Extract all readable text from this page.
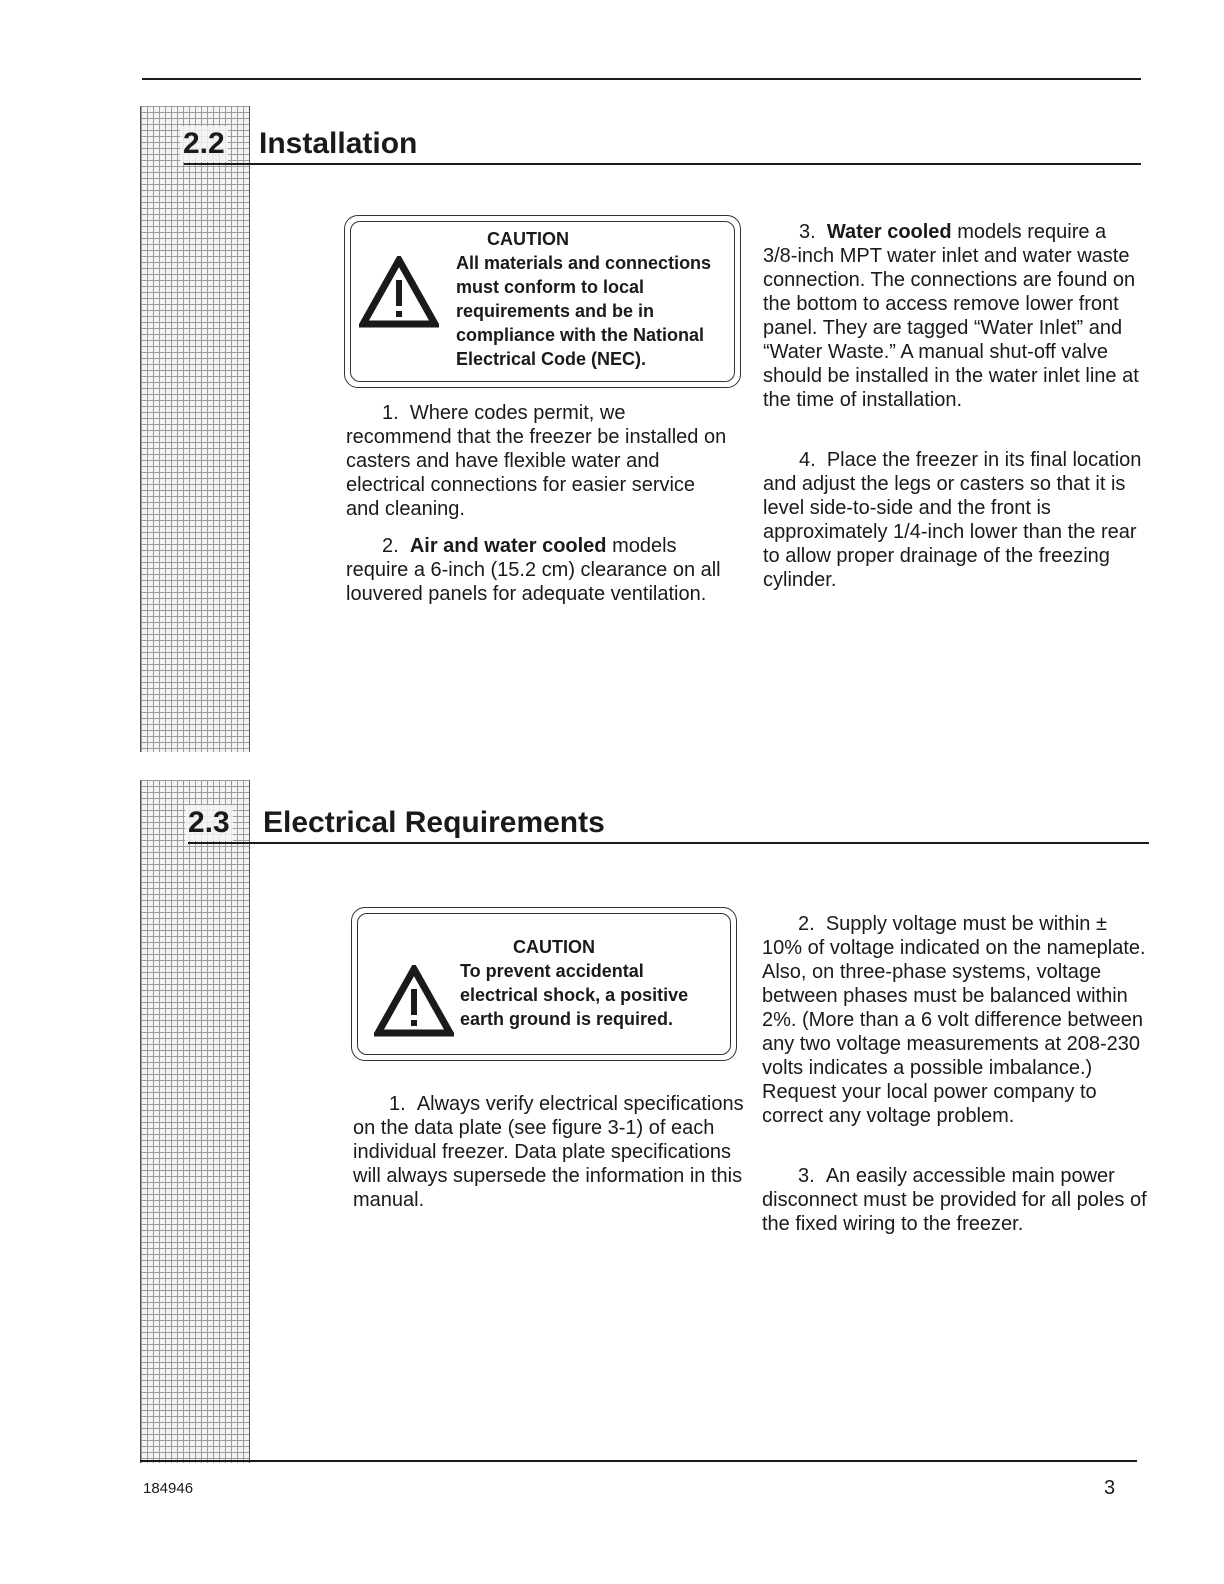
2.2 Installation
CAUTION
All materials and connections
must conform to local
requirements and be in
compliance with the National
Electrical Code (NEC).

1. Where codes permit, we recommend that the freezer be installed on casters and have flexible water and electrical connections for easier service and cleaning.

2. Air and water cooled models require a 6-inch (15.2 cm) clearance on all louvered panels for adequate ventilation.

3. Water cooled models require a 3/8-inch MPT water inlet and water waste connection. The connections are found on the bottom to access remove lower front panel. They are tagged “Water Inlet” and “Water Waste.” A manual shut-off valve should be installed in the water inlet line at the time of installation.

4. Place the freezer in its final location and adjust the legs or casters so that it is level side-to-side and the front is approximately 1/4-inch lower than the rear to allow proper drainage of the freezing cylinder.

2.3 Electrical Requirements
CAUTION
To prevent accidental
electrical shock, a positive
earth ground is required.

1. Always verify electrical specifications on the data plate (see figure 3-1) of each individual freezer. Data plate specifications will always supersede the information in this manual.

2. Supply voltage must be within ± 10% of voltage indicated on the nameplate. Also, on three-phase systems, voltage between phases must be balanced within 2%. (More than a 6 volt difference between any two voltage measurements at 208-230 volts indicates a possible imbalance.) Request your local power company to correct any voltage problem.

3. An easily accessible main power disconnect must be provided for all poles of the fixed wiring to the freezer.

184946	3
